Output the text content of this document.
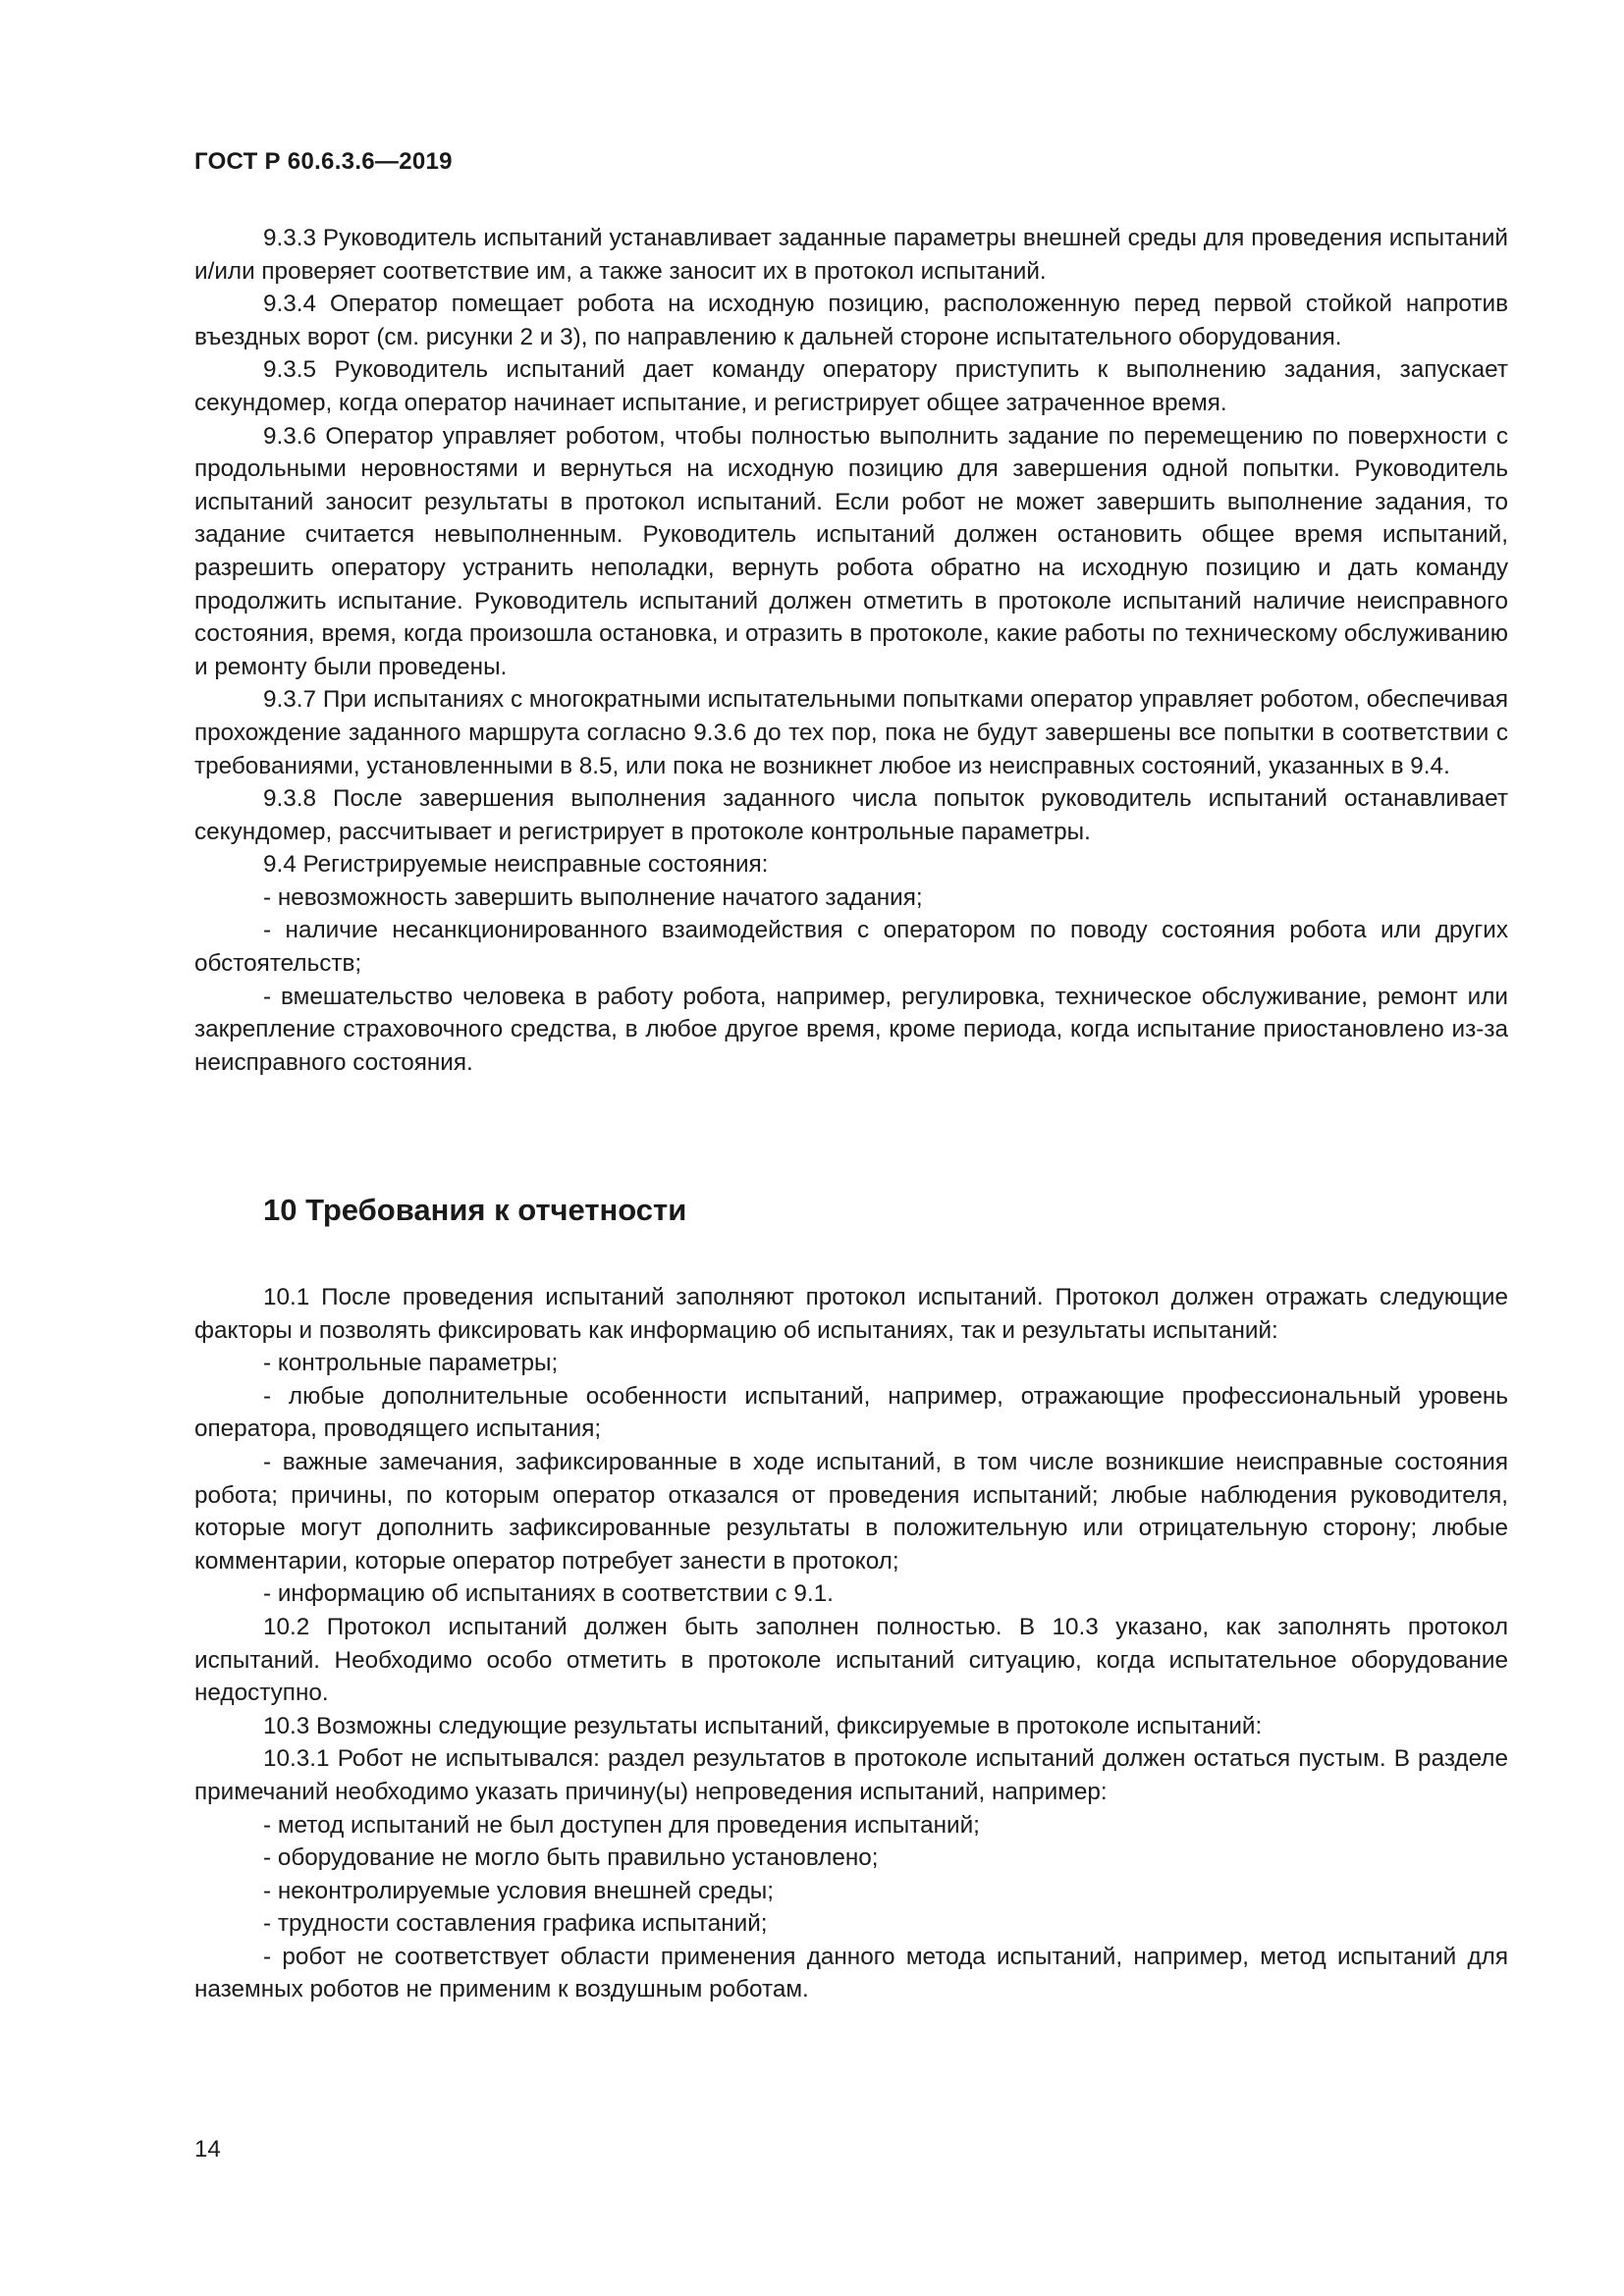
ГОСТ Р 60.6.3.6—2019

9.3.3 Руководитель испытаний устанавливает заданные параметры внешней среды для проведения испытаний и/или проверяет соответствие им, а также заносит их в протокол испытаний.

9.3.4 Оператор помещает робота на исходную позицию, расположенную перед первой стойкой напротив въездных ворот (см. рисунки 2 и 3), по направлению к дальней стороне испытательного оборудования.

9.3.5 Руководитель испытаний дает команду оператору приступить к выполнению задания, запускает секундомер, когда оператор начинает испытание, и регистрирует общее затраченное время.

9.3.6 Оператор управляет роботом, чтобы полностью выполнить задание по перемещению по поверхности с продольными неровностями и вернуться на исходную позицию для завершения одной попытки. Руководитель испытаний заносит результаты в протокол испытаний. Если робот не может завершить выполнение задания, то задание считается невыполненным. Руководитель испытаний должен остановить общее время испытаний, разрешить оператору устранить неполадки, вернуть робота обратно на исходную позицию и дать команду продолжить испытание. Руководитель испытаний должен отметить в протоколе испытаний наличие неисправного состояния, время, когда произошла остановка, и отразить в протоколе, какие работы по техническому обслуживанию и ремонту были проведены.

9.3.7 При испытаниях с многократными испытательными попытками оператор управляет роботом, обеспечивая прохождение заданного маршрута согласно 9.3.6 до тех пор, пока не будут завершены все попытки в соответствии с требованиями, установленными в 8.5, или пока не возникнет любое из неисправных состояний, указанных в 9.4.

9.3.8 После завершения выполнения заданного числа попыток руководитель испытаний останавливает секундомер, рассчитывает и регистрирует в протоколе контрольные параметры.

9.4 Регистрируемые неисправные состояния:

- невозможность завершить выполнение начатого задания;

- наличие несанкционированного взаимодействия с оператором по поводу состояния робота или других обстоятельств;

- вмешательство человека в работу робота, например, регулировка, техническое обслуживание, ремонт или закрепление страховочного средства, в любое другое время, кроме периода, когда испытание приостановлено из-за неисправного состояния.

10 Требования к отчетности

10.1 После проведения испытаний заполняют протокол испытаний. Протокол должен отражать следующие факторы и позволять фиксировать как информацию об испытаниях, так и результаты испытаний:

- контрольные параметры;

- любые дополнительные особенности испытаний, например, отражающие профессиональный уровень оператора, проводящего испытания;

- важные замечания, зафиксированные в ходе испытаний, в том числе возникшие неисправные состояния робота; причины, по которым оператор отказался от проведения испытаний; любые наблюдения руководителя, которые могут дополнить зафиксированные результаты в положительную или отрицательную сторону; любые комментарии, которые оператор потребует занести в протокол;

- информацию об испытаниях в соответствии с 9.1.

10.2 Протокол испытаний должен быть заполнен полностью. В 10.3 указано, как заполнять протокол испытаний. Необходимо особо отметить в протоколе испытаний ситуацию, когда испытательное оборудование недоступно.

10.3 Возможны следующие результаты испытаний, фиксируемые в протоколе испытаний:

10.3.1 Робот не испытывался: раздел результатов в протоколе испытаний должен остаться пустым. В разделе примечаний необходимо указать причину(ы) непроведения испытаний, например:

- метод испытаний не был доступен для проведения испытаний;

- оборудование не могло быть правильно установлено;

- неконтролируемые условия внешней среды;

- трудности составления графика испытаний;

- робот не соответствует области применения данного метода испытаний, например, метод испытаний для наземных роботов не применим к воздушным роботам.

14
